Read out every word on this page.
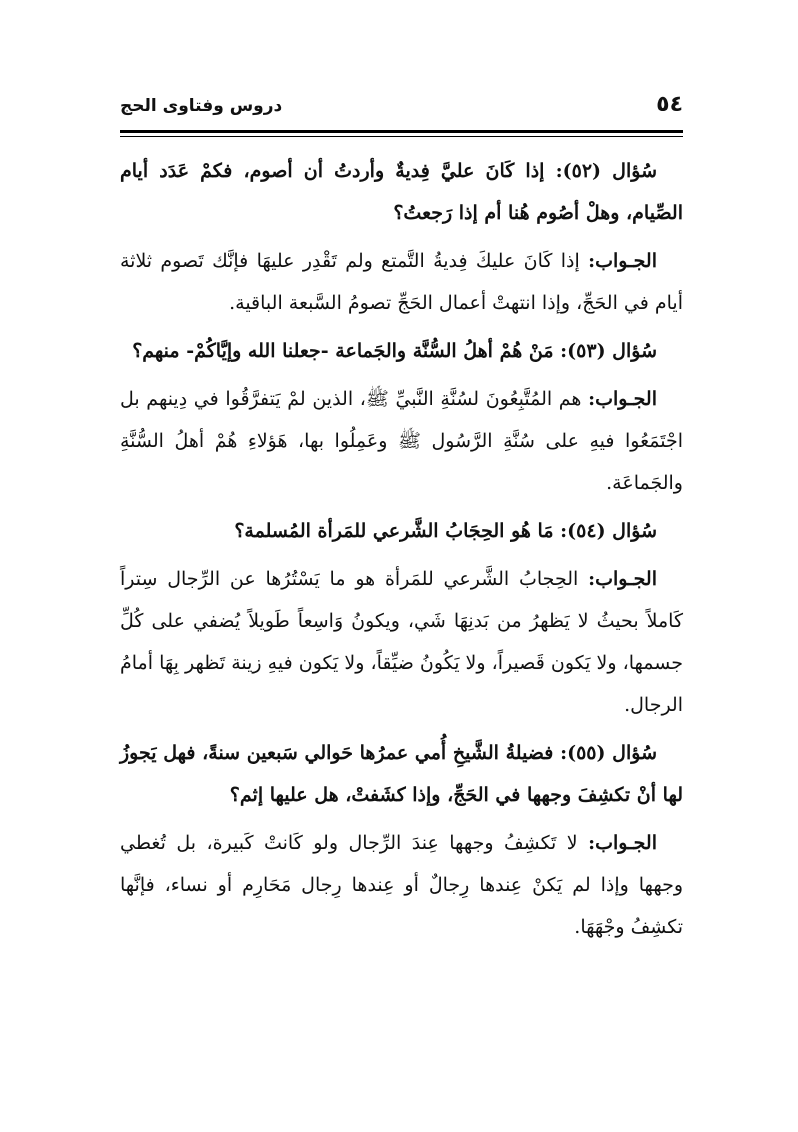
٥٤
دروس وفتاوى الحج

سُؤال (٥٢): إذا كَانَ عليَّ فِديةٌ وأردتُ أن أصوم، فكمْ عَدَد أيام الصِّيام، وهلْ أصُوم هُنا أم إذا رَجعتُ؟

الجـواب: إذا كَانَ عليكَ فِديةُ التَّمتع ولم تَقْدِر عليهَا فإنَّك تَصوم ثلاثة أيام في الحَجِّ، وإذا انتهتْ أعمال الحَجِّ تصومُ السَّبعة الباقية.

سُؤال (٥٣): مَنْ هُمْ أهلُ السُّنَّة والجَماعة -جعلنا الله وإيَّاكُمْ- منهم؟

الجـواب: هم المُتَّبِعُونَ لسُنَّةِ النَّبيِّ ﷺ، الذين لمْ يَتفرَّقُوا في دِينهم بل اجْتَمَعُوا فيهِ على سُنَّةِ الرَّسُول ﷺ وعَمِلُوا بها، هَؤلاءِ هُمْ أهلُ السُّنَّةِ والجَماعَة.

سُؤال (٥٤): مَا هُو الحِجَابُ الشَّرعي للمَرأة المُسلمة؟

الجـواب: الحِجابُ الشَّرعي للمَرأة هو ما يَسْتُرُها عن الرِّجال سِتراً كَاملاً بحيثُ لا يَظهرُ من بَدنِهَا شَي، ويكونُ وَاسِعاً طَويلاً يُضفي على كُلِّ جسمها، ولا يَكون قَصيراً، ولا يَكُونُ ضيِّقاً، ولا يَكون فيهِ زينة تَظهر بِهَا أمامُ الرجال.

سُؤال (٥٥): فضيلةُ الشَّيخِ أُمي عمرُها حَوالي سَبعين سنةً، فهل يَجوزُ لها أنْ تكشِفَ وجهها في الحَجِّ، وإذا كشَفتْ، هل عليها إثم؟

الجـواب: لا تَكشِفُ وجهها عِندَ الرِّجال ولو كَانتْ كَبيرة، بل تُغطي وجهها وإذا لم يَكنْ عِندها رِجالٌ أو عِندها رِجال مَحَارِم أو نساء، فإنَّها تكشِفُ وجْهَهَا.
